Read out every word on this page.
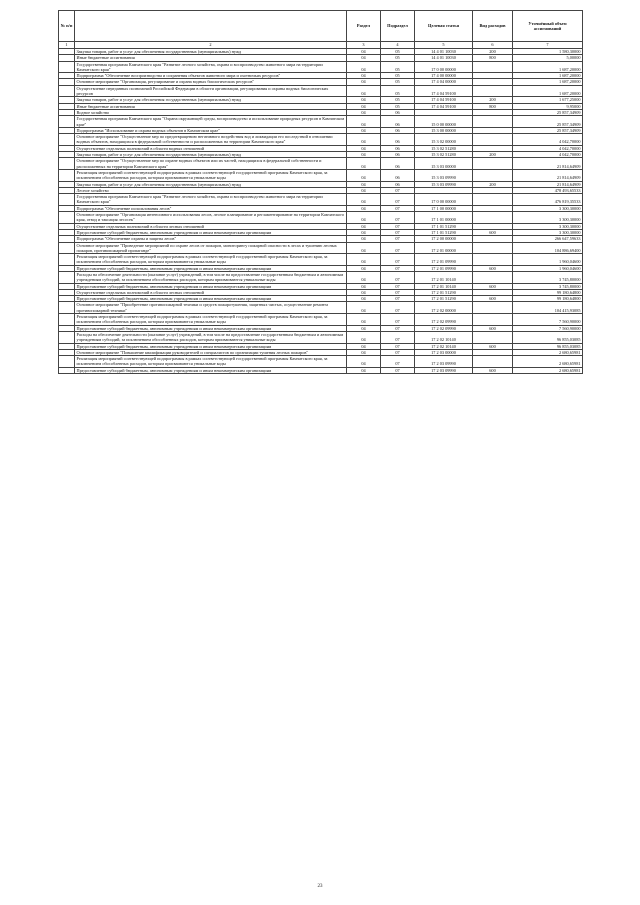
№ п/п		Раздел	Подраздел	Целевая статья	Вид расходов	Уточнённый объем ассигнований
1	2	3	4	5	6	7
	Закупка товаров, работ и услуг для обеспечения государственных (муниципальных) нужд	04	05	14 4 01 10030	200	1 580,30000
	Иные бюджетные ассигнования	04	05	14 4 01 10030	800	5,00000
	Государственная программа Камчатского края "Развитие лесного хозяйства, охрана и воспроизводство животного мира на территории Камчатского края"	04	05	17 0 00 00000		1 687,20000
	Подпрограмма "Обеспечение воспроизводства и сохранения объектов животного мира и охотничьих ресурсов"	04	05	17 4 00 00000		1 687,20000
	Основное мероприятие "Организация, регулирование и охрана водных биологических ресурсов"	04	05	17 4 04 00000		1 687,20000
	Осуществление переданных полномочий Российской Федерации в области организации, регулирования и охраны водных биологических ресурсов	04	05	17 4 04 59100		1 687,20000
	Закупка товаров, работ и услуг для обеспечения государственных (муниципальных) нужд	04	05	17 4 04 59100	200	1 677,25000
	Иные бюджетные ассигнования	04	05	17 4 04 59100	800	9,95000
	Водное хозяйство	04	06			25 857,34909
	Государственная программа Камчатского края "Охрана окружающей среды, воспроизводство и использование природных ресурсов в Камчатском крае"	04	06	15 0 00 00000		25 857,34909
	Подпрограмма "Использование и охрана водных объектов в Камчатском крае"	04	06	15 3 00 00000		25 857,34909
	Основное мероприятие "Осуществление мер по предотвращению негативного воздействия вод и ликвидации его последствий в отношении водных объектов, находящихся в федеральной собственности и расположенных на территории Камчатского края"	04	06	15 3 02 00000		4 042,70000
	Осуществление отдельных полномочий в области водных отношений	04	06	15 3 02 51280		4 042,70000
	Закупка товаров, работ и услуг для обеспечения государственных (муниципальных) нужд	04	06	15 3 02 51280	200	4 042,70000
	Основное мероприятие "Осуществление мер по охране водных объектов или их частей, находящихся в федеральной собственности и расположенных на территории Камчатского края"	04	06	15 3 03 00000		21 814,64909
	Реализация мероприятий соответствующей подпрограммы в рамках соответствующей государственной программы Камчатского края, за исключением обособленных расходов, которым присваиваются уникальные коды	04	06	15 3 03 09990		21 814,64909
	Закупка товаров, работ и услуг для обеспечения государственных (муниципальных) нужд	04	06	15 3 03 09990	200	21 814,64909
	Лесное хозяйство	04	07			478 493,65533
	Государственная программа Камчатского края "Развитие лесного хозяйства, охрана и воспроизводство животного мира на территории Камчатского края"	04	07	17 0 00 00000		476 819,35533
	Подпрограмма "Обеспечение использования лесов"	04	07	17 1 00 00000		3 300,30000
	Основное мероприятие "Организация интенсивного использования лесов, лесное планирование и регламентирование на территории Камчатского края, отвод и таксация лесосек"	04	07	17 1 01 00000		3 300,30000
	Осуществление отдельных полномочий в области лесных отношений	04	07	17 1 01 51290		3 300,30000
	Предоставление субсидий бюджетным, автономным учреждениям и иным некоммерческим организациям	04	07	17 1 01 51290	600	3 300,30000
	Подпрограмма "Обеспечение охраны и защиты лесов"	04	07	17 2 00 00000		266 647,59633
	Основное мероприятие "Проведение мероприятий по охране лесов от пожаров, мониторингу пожарной опасности в лесах и тушению лесных пожаров, противопожарной пропаганде"	04	07	17 2 01 00000		104 886,69400
	Реализация мероприятий соответствующей подпрограммы в рамках соответствующей государственной программы Камчатского края, за исключением обособленных расходов, которым присваиваются уникальные коды	04	07	17 2 01 09990		1 960,04600
	Предоставление субсидий бюджетным, автономным учреждениям и иным некоммерческим организациям	04	07	17 2 01 09990	600	1 960,04600
	Расходы на обеспечение деятельности (оказание услуг) учреждений, в том числе на предоставление государственным бюджетным и автономным учреждениям субсидий, за исключением обособленных расходов, которым присваиваются уникальные коды	04	07	17 2 01 10140		3 745,80000
	Предоставление субсидий бюджетным, автономным учреждениям и иным некоммерческим организациям	04	07	17 2 01 10140	600	3 745,80000
	Осуществление отдельных полномочий в области лесных отношений	04	07	17 2 01 51290		99 180,64800
	Предоставление субсидий бюджетным, автономным учреждениям и иным некоммерческим организациям	04	07	17 2 01 51290	600	99 180,64800
	Основное мероприятие "Приобретение противопожарной техники и средств пожаротушения, защитных чистых, осуществление ремонта противопожарной техники"	04	07	17 2 02 00000		104 415,93085
	Реализация мероприятий соответствующей подпрограммы в рамках соответствующей государственной программы Камчатского края, за исключением обособленных расходов, которым присваиваются уникальные коды	04	07	17 2 02 09990		7 560,90000
	Предоставление субсидий бюджетным, автономным учреждениям и иным некоммерческим организациям	04	07	17 2 02 09990	600	7 560,90000
	Расходы на обеспечение деятельности (оказание услуг) учреждений, в том числе на предоставление государственным бюджетным и автономным учреждениям субсидий, за исключением обособленных расходов, которым присваиваются уникальные коды	04	07	17 2 02 10140		96 855,03085
	Предоставление субсидий бюджетным, автономным учреждениям и иным некоммерческим организациям	04	07	17 2 02 10140	600	96 855,03085
	Основное мероприятие "Повышение квалификации руководителей и специалистов по организации тушения лесных пожаров"	04	07	17 2 03 00000		2 680,65981
	Реализация мероприятий соответствующей подпрограммы в рамках соответствующей государственной программы Камчатского края, за исключением обособленных расходов, которым присваиваются уникальные коды	04	07	17 2 03 09990		2 680,65981
	Предоставление субсидий бюджетным, автономным учреждениям и иным некоммерческим организациям	04	07	17 2 03 09990	600	2 680,65981
23
